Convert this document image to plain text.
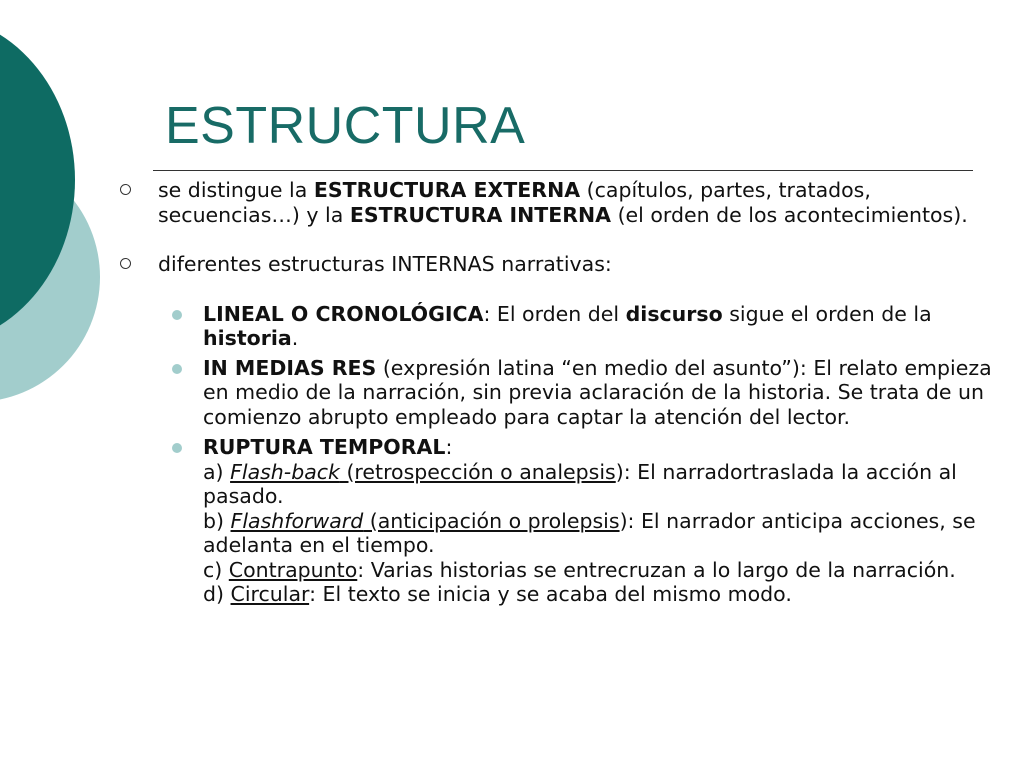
ESTRUCTURA

se distingue la ESTRUCTURA EXTERNA (capítulos, partes, tratados, secuencias…) y la ESTRUCTURA INTERNA (el orden de los acontecimientos).

diferentes estructuras INTERNAS narrativas:

LINEAL O CRONOLÓGICA: El orden del discurso sigue el orden de la historia.

IN MEDIAS RES (expresión latina “en medio del asunto”): El relato empieza en medio de la narración, sin previa aclaración de la historia. Se trata de un comienzo abrupto empleado para captar la atención del lector.

RUPTURA TEMPORAL:
a) Flash-back (retrospección o analepsis): El narradortraslada la acción al pasado.
b) Flashforward (anticipación o prolepsis): El narrador anticipa acciones, se adelanta en el tiempo.
c) Contrapunto: Varias historias se entrecruzan a lo largo de la narración.
d) Circular: El texto se inicia y se acaba del mismo modo.
